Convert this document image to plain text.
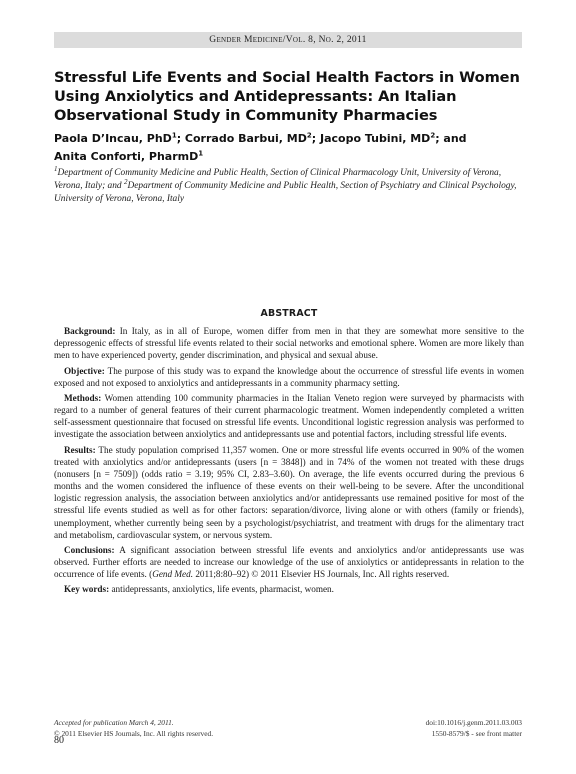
Gender Medicine/Vol. 8, No. 2, 2011
Stressful Life Events and Social Health Factors in Women Using Anxiolytics and Antidepressants: An Italian Observational Study in Community Pharmacies

Paola D’Incau, PhD$^1$; Corrado Barbui, $MD^2$; Jacopo Tubini, $MD^2$; and
Anita Conforti, PharmD$^1$

$^1$Department of Community Medicine and Public Health, Section of Clinical Pharmacology Unit, University of Verona, Verona, Italy; and $^2$Department of Community Medicine and Public Health, Section of Psychiatry and Clinical Psychology, University of Verona, Verona, Italy

ABSTRACT

Background: In Italy, as in all of Europe, women differ from men in that they are somewhat more sensitive to the depressogenic effects of stressful life events related to their social networks and emotional sphere. Women are more likely than men to have experienced poverty, gender discrimination, and physical and sexual abuse.

Objective: The purpose of this study was to expand the knowledge about the occurrence of stressful life events in women exposed and not exposed to anxiolytics and antidepressants in a community pharmacy setting.

Methods: Women attending 100 community pharmacies in the Italian Veneto region were surveyed by pharmacists with regard to a number of general features of their current pharmacologic treatment. Women independently completed a written self-assessment questionnaire that focused on stressful life events. Unconditional logistic regression analysis was performed to investigate the association between anxiolytics and antidepressants use and potential factors, including stressful life events.

Results: The study population comprised 11,357 women. One or more stressful life events occurred in 90% of the women treated with anxiolytics and/or antidepressants (users [n = 3848]) and in 74% of the women not treated with these drugs (nonusers [n = 7509]) (odds ratio = 3.19; 95% CI, 2.83–3.60). On average, the life events occurred during the previous 6 months and the women considered the influence of these events on their well-being to be severe. After the unconditional logistic regression analysis, the association between anxiolytics and/or antidepressants use remained positive for most of the stressful life events studied as well as for other factors: separation/divorce, living alone or with others (family or friends), unemployment, whether currently being seen by a psychologist/psychiatrist, and treatment with drugs for the alimentary tract and metabolism, cardiovascular system, or nervous system.

Conclusions: A significant association between stressful life events and anxiolytics and/or antidepressants use was observed. Further efforts are needed to increase our knowledge of the use of anxiolytics or antidepressants in relation to the occurrence of life events. (Gend Med. 2011;8:80–92) © 2011 Elsevier HS Journals, Inc. All rights reserved.

Key words: antidepressants, anxiolytics, life events, pharmacist, women.

Accepted for publication March 4, 2011.
© 2011 Elsevier HS Journals, Inc. All rights reserved.
doi:10.1016/j.genm.2011.03.003
1550-8579/$ - see front matter
80
